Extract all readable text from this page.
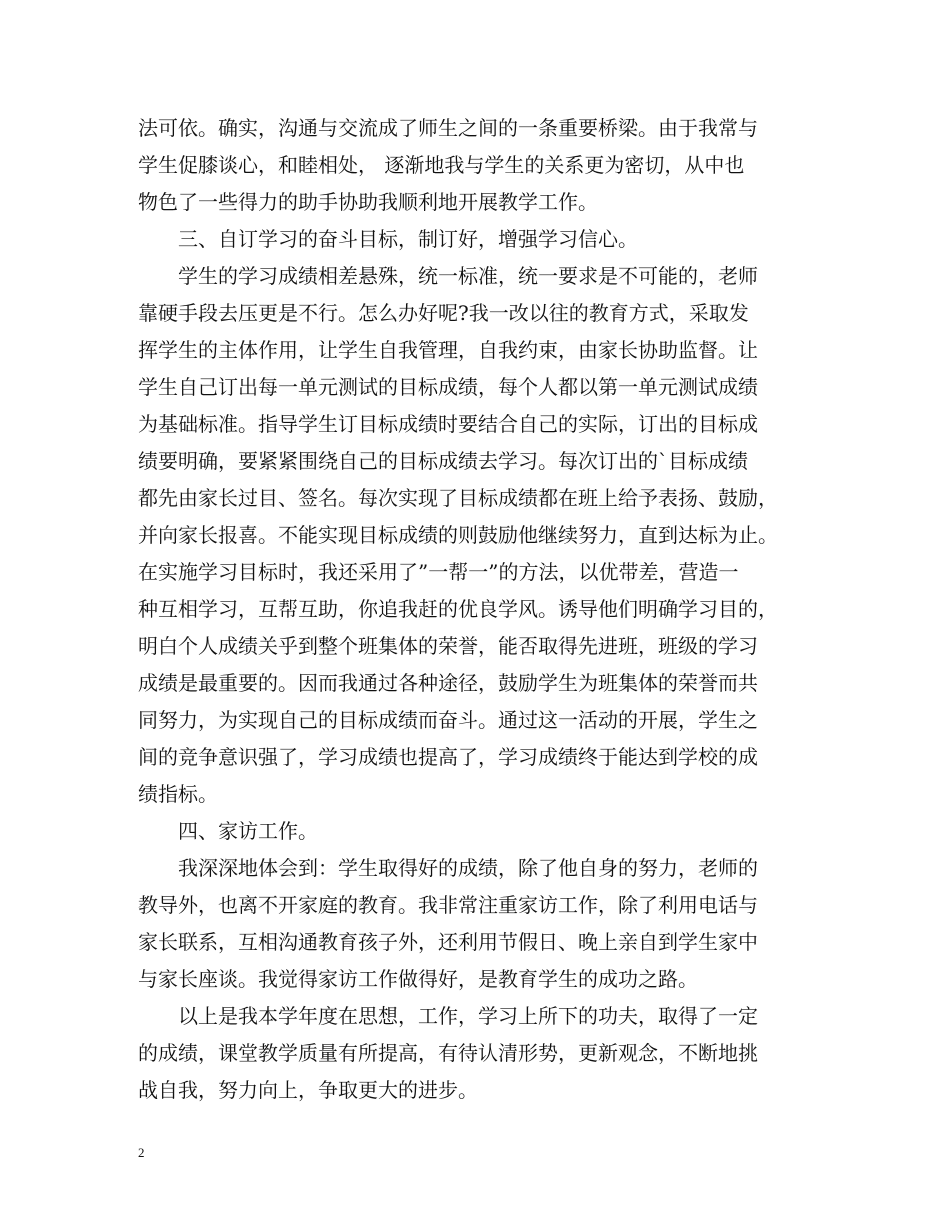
法可依。确实，沟通与交流成了师生之间的一条重要桥梁。由于我常与
学生促膝谈心，和睦相处， 逐渐地我与学生的关系更为密切，从中也
物色了一些得力的助手协助我顺利地开展教学工作。
三、自订学习的奋斗目标，制订好，增强学习信心。
学生的学习成绩相差悬殊，统一标准，统一要求是不可能的，老师
靠硬手段去压更是不行。怎么办好呢?我一改以往的教育方式，采取发
挥学生的主体作用，让学生自我管理，自我约束，由家长协助监督。让
学生自己订出每一单元测试的目标成绩，每个人都以第一单元测试成绩
为基础标准。指导学生订目标成绩时要结合自己的实际，订出的目标成
绩要明确，要紧紧围绕自己的目标成绩去学习。每次订出的`目标成绩
都先由家长过目、签名。每次实现了目标成绩都在班上给予表扬、鼓励，
并向家长报喜。不能实现目标成绩的则鼓励他继续努力，直到达标为止。
在实施学习目标时，我还采用了”一帮一”的方法，以优带差，营造一
种互相学习，互帮互助，你追我赶的优良学风。诱导他们明确学习目的，
明白个人成绩关乎到整个班集体的荣誉，能否取得先进班，班级的学习
成绩是最重要的。因而我通过各种途径，鼓励学生为班集体的荣誉而共
同努力，为实现自己的目标成绩而奋斗。通过这一活动的开展，学生之
间的竞争意识强了，学习成绩也提高了，学习成绩终于能达到学校的成
绩指标。
四、家访工作。
我深深地体会到：学生取得好的成绩，除了他自身的努力，老师的
教导外，也离不开家庭的教育。我非常注重家访工作，除了利用电话与
家长联系，互相沟通教育孩子外，还利用节假日、晚上亲自到学生家中
与家长座谈。我觉得家访工作做得好，是教育学生的成功之路。
以上是我本学年度在思想，工作，学习上所下的功夫，取得了一定
的成绩，课堂教学质量有所提高，有待认清形势，更新观念，不断地挑
战自我，努力向上，争取更大的进步。
2
